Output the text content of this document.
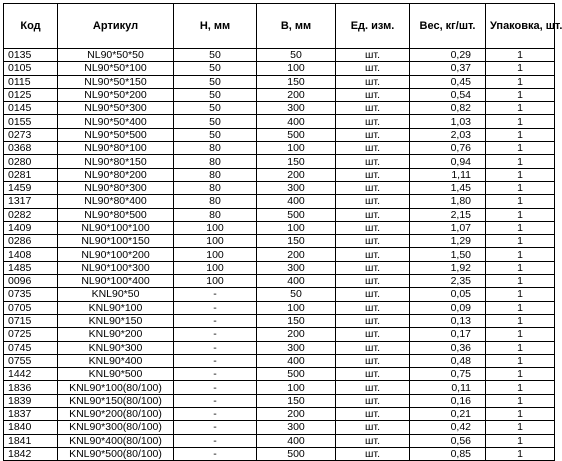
Код	Артикул	Н, мм	В, мм	Ед. изм.	Вес, кг/шт.	Упаковка, шт.
0135	NL90*50*50	50	50	шт.	0,29	1
0105	NL90*50*100	50	100	шт.	0,37	1
0115	NL90*50*150	50	150	шт.	0,45	1
0125	NL90*50*200	50	200	шт.	0,54	1
0145	NL90*50*300	50	300	шт.	0,82	1
0155	NL90*50*400	50	400	шт.	1,03	1
0273	NL90*50*500	50	500	шт.	2,03	1
0368	NL90*80*100	80	100	шт.	0,76	1
0280	NL90*80*150	80	150	шт.	0,94	1
0281	NL90*80*200	80	200	шт.	1,11	1
1459	NL90*80*300	80	300	шт.	1,45	1
1317	NL90*80*400	80	400	шт.	1,80	1
0282	NL90*80*500	80	500	шт.	2,15	1
1409	NL90*100*100	100	100	шт.	1,07	1
0286	NL90*100*150	100	150	шт.	1,29	1
1408	NL90*100*200	100	200	шт.	1,50	1
1485	NL90*100*300	100	300	шт.	1,92	1
0096	NL90*100*400	100	400	шт.	2,35	1
0735	KNL90*50	-	50	шт.	0,05	1
0705	KNL90*100	-	100	шт.	0,09	1
0715	KNL90*150	-	150	шт.	0,13	1
0725	KNL90*200	-	200	шт.	0,17	1
0745	KNL90*300	-	300	шт.	0,36	1
0755	KNL90*400	-	400	шт.	0,48	1
1442	KNL90*500	-	500	шт.	0,75	1
1836	KNL90*100(80/100)	-	100	шт.	0,11	1
1839	KNL90*150(80/100)	-	150	шт.	0,16	1
1837	KNL90*200(80/100)	-	200	шт.	0,21	1
1840	KNL90*300(80/100)	-	300	шт.	0,42	1
1841	KNL90*400(80/100)	-	400	шт.	0,56	1
1842	KNL90*500(80/100)	-	500	шт.	0,85	1
